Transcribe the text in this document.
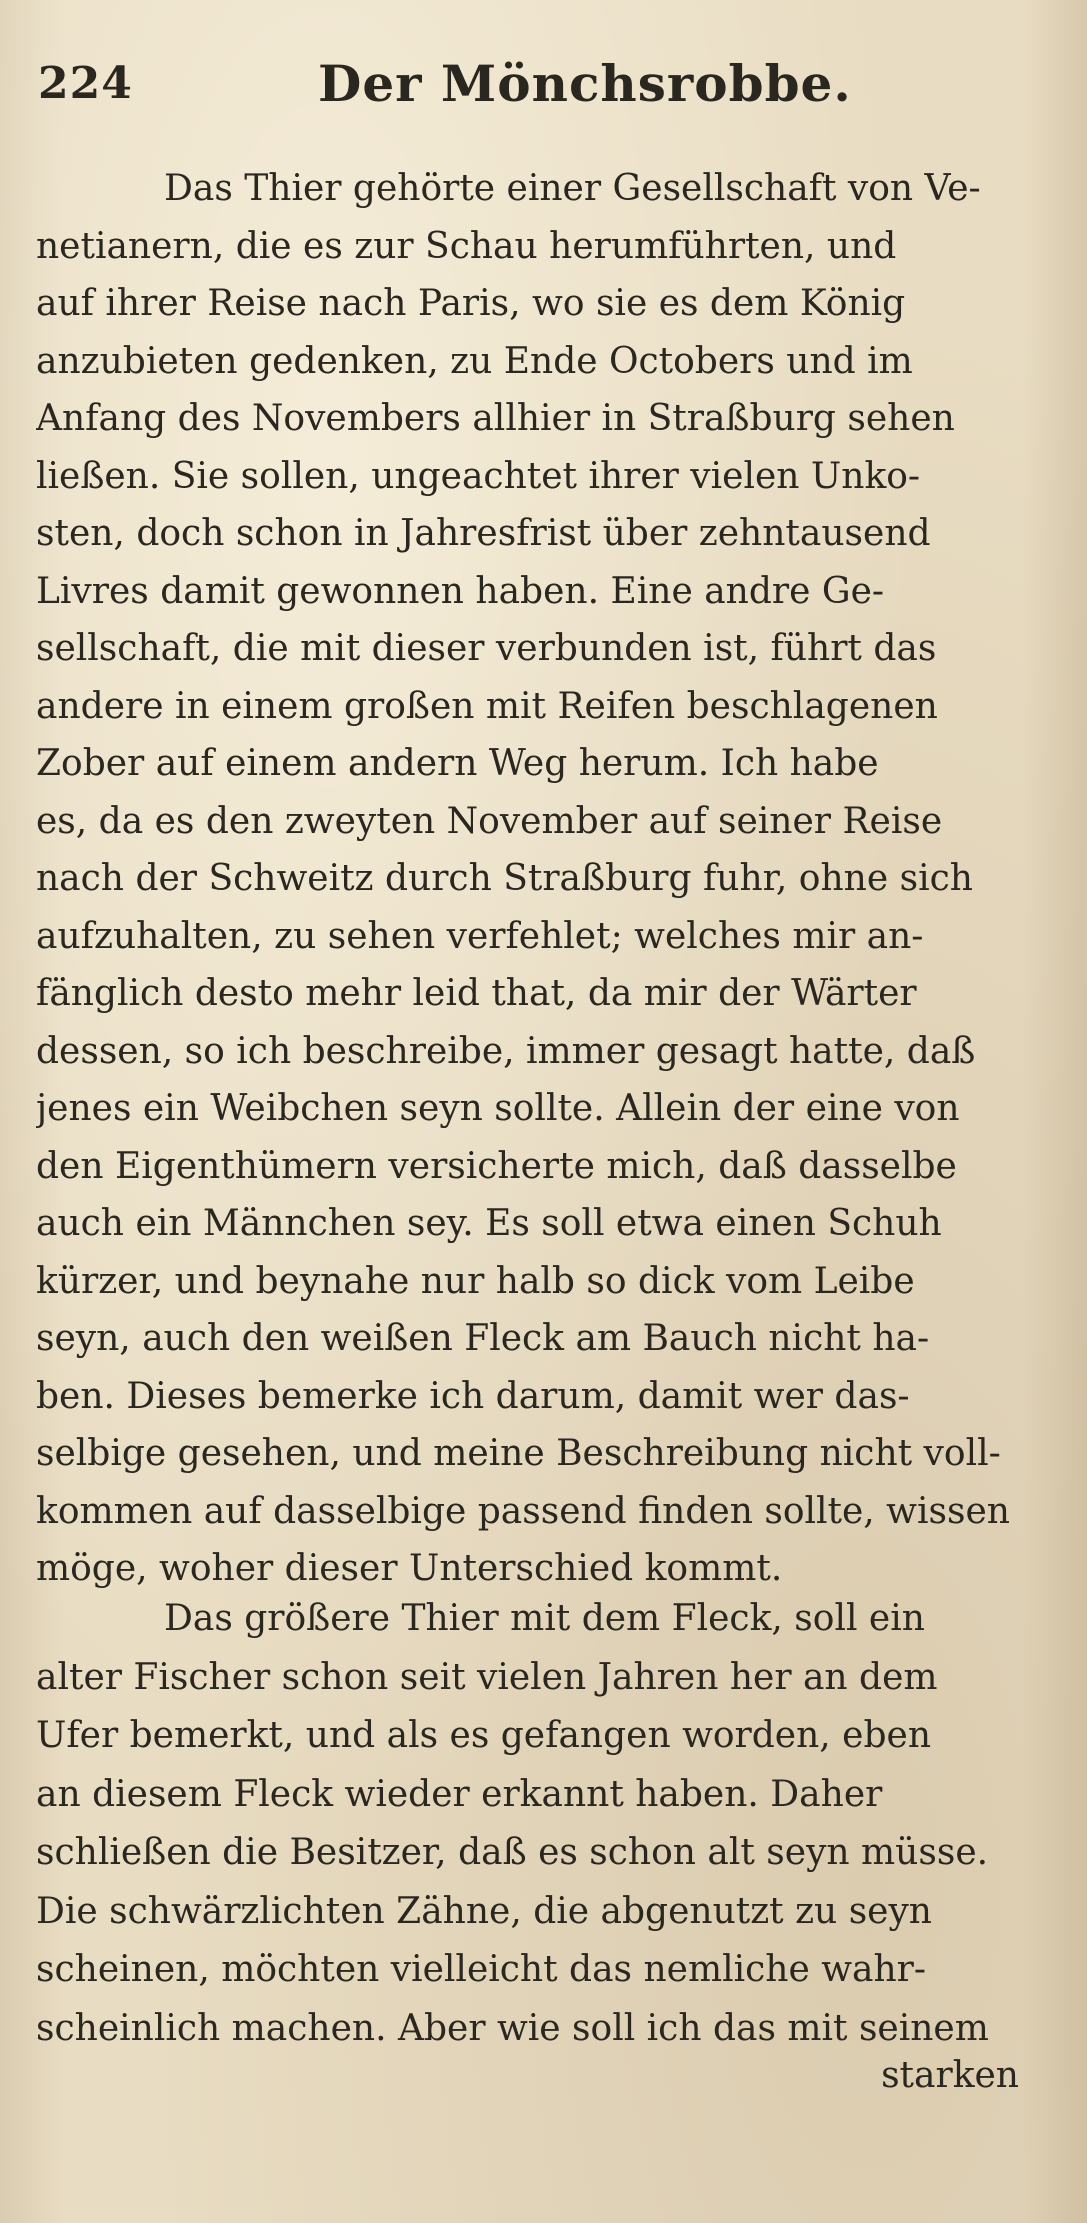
224	Der Mönchsrobbe.

Das Thier gehörte einer Gesellschaft von Ve-
netianern, die es zur Schau herumführten, und
auf ihrer Reise nach Paris, wo sie es dem König
anzubieten gedenken, zu Ende Octobers und im
Anfang des Novembers allhier in Straßburg sehen
ließen. Sie sollen, ungeachtet ihrer vielen Unko-
sten, doch schon in Jahresfrist über zehntausend
Livres damit gewonnen haben. Eine andre Ge-
sellschaft, die mit dieser verbunden ist, führt das
andere in einem großen mit Reifen beschlagenen
Zober auf einem andern Weg herum. Ich habe
es, da es den zweyten November auf seiner Reise
nach der Schweitz durch Straßburg fuhr, ohne sich
aufzuhalten, zu sehen verfehlet; welches mir an-
fänglich desto mehr leid that, da mir der Wärter
dessen, so ich beschreibe, immer gesagt hatte, daß
jenes ein Weibchen seyn sollte. Allein der eine von
den Eigenthümern versicherte mich, daß dasselbe
auch ein Männchen sey. Es soll etwa einen Schuh
kürzer, und beynahe nur halb so dick vom Leibe
seyn, auch den weißen Fleck am Bauch nicht ha-
ben. Dieses bemerke ich darum, damit wer das-
selbige gesehen, und meine Beschreibung nicht voll-
kommen auf dasselbige passend finden sollte, wissen
möge, woher dieser Unterschied kommt.

Das größere Thier mit dem Fleck, soll ein
alter Fischer schon seit vielen Jahren her an dem
Ufer bemerkt, und als es gefangen worden, eben
an diesem Fleck wieder erkannt haben. Daher
schließen die Besitzer, daß es schon alt seyn müsse.
Die schwärzlichten Zähne, die abgenutzt zu seyn
scheinen, möchten vielleicht das nemliche wahr-
scheinlich machen. Aber wie soll ich das mit seinem

starken
